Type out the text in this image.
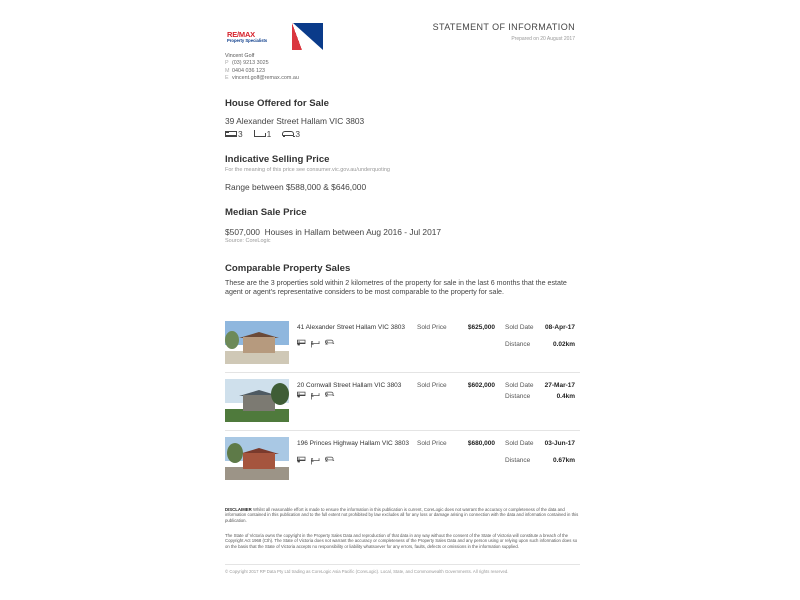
RE/MAX
Property Specialists
STATEMENT OF INFORMATION
Prepared on 20 August 2017
Vincent Golf
P (03) 9213 3025
M 0404 036 123
E vincent.golf@remax.com.au
House Offered for Sale
39 Alexander Street Hallam VIC 3803
3	1	3
Indicative Selling Price
For the meaning of this price see consumer.vic.gov.au/underquoting
Range between $588,000 & $646,000
Median Sale Price
$507,000 Houses in Hallam between Aug 2016 - Jul 2017
Source: CoreLogic
Comparable Property Sales
These are the 3 properties sold within 2 kilometres of the property for sale in the last 6 months that the estate agent or agent's representative considers to be most comparable to the property for sale.
41 Alexander Street Hallam VIC 3803
3 1 2
Sold Price	$625,000 Sold Date	08-Apr-17
Distance	0.02km
20 Cornwall Street Hallam VIC 3803
3 1 2
Sold Price	$602,000 Sold Date	27-Mar-17
Distance	0.4km
196 Princes Highway Hallam VIC 3803
3 1 2
Sold Price	$680,000 Sold Date	03-Jun-17
Distance	0.67km
DISCLAIMER Whilst all reasonable effort is made to ensure the information in this publication is current, CoreLogic does not warrant the accuracy or completeness of the data and information contained in this publication and to the full extent not prohibited by law excludes all for any loss or damage arising in connection with the data and information contained in this publication.
The State of Victoria owns the copyright in the Property Sales Data and reproduction of that data in any way without the consent of the State of Victoria will constitute a breach of the Copyright Act 1968 (Cth). The State of Victoria does not warrant the accuracy or completeness of the Property Sales Data and any person using or relying upon such information does so on the basis that the State of Victoria accepts no responsibility or liability whatsoever for any errors, faults, defects or omissions in the information supplied.
© Copyright 2017 RP Data Pty Ltd trading as CoreLogic Asia Pacific (CoreLogic). Local, State, and Commonwealth Governments. All rights reserved.
